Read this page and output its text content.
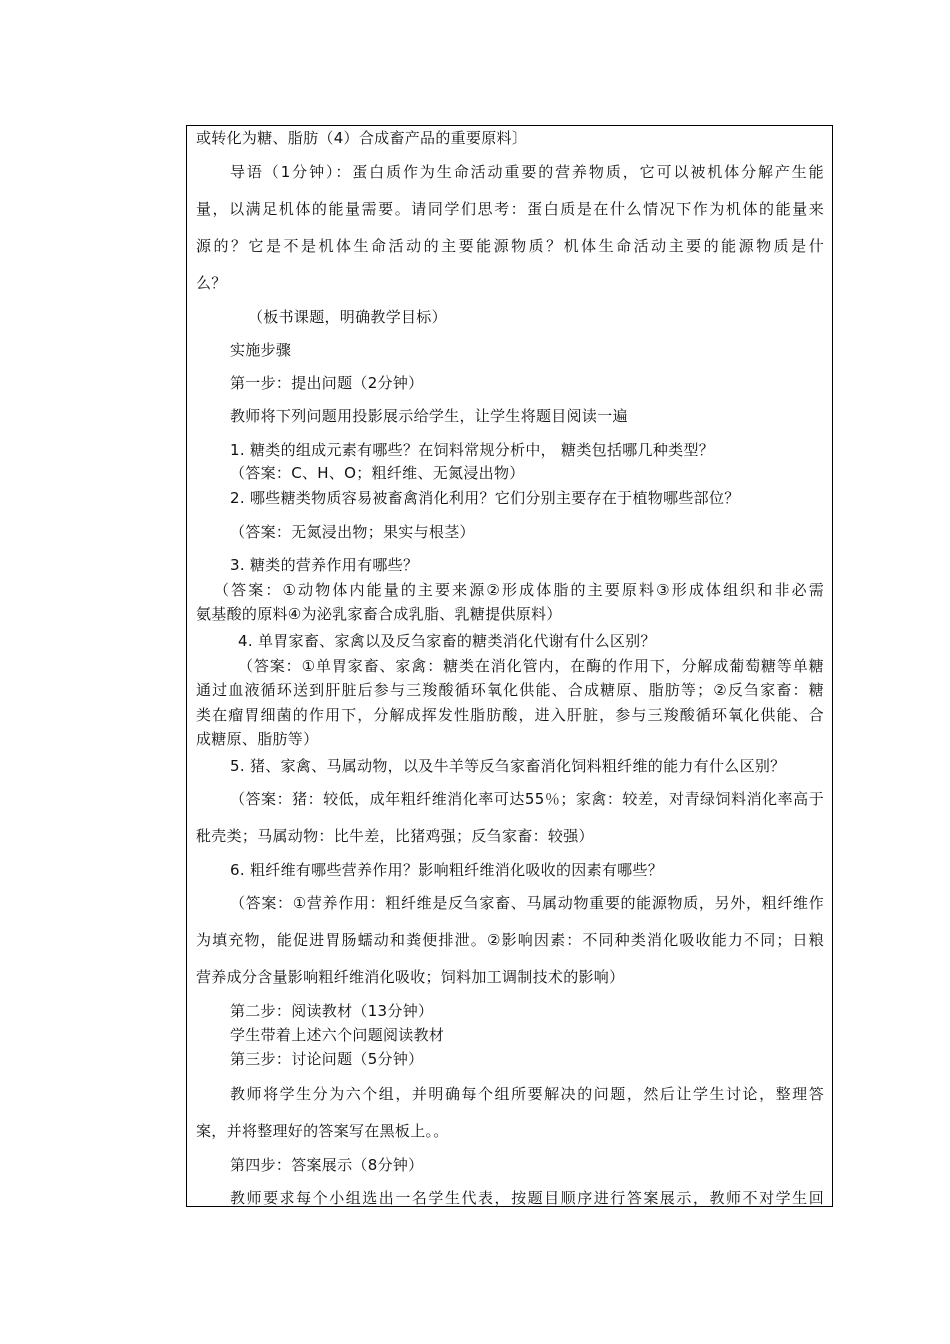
或转化为糖、脂肪（4）合成畜产品的重要原料〕
导语（1分钟）：蛋白质作为生命活动重要的营养物质，它可以被机体分解产生能
量，以满足机体的能量需要。请同学们思考：蛋白质是在什么情况下作为机体的能量来
源的？它是不是机体生命活动的主要能源物质？机体生命活动主要的能源物质是什
么？
（板书课题，明确教学目标）
实施步骤
第一步：提出问题（2分钟）
教师将下列问题用投影展示给学生，让学生将题目阅读一遍
1. 糖类的组成元素有哪些？在饲料常规分析中， 糖类包括哪几种类型？
（答案：C、H、O；粗纤维、无氮浸出物）
2. 哪些糖类物质容易被畜禽消化利用？它们分别主要存在于植物哪些部位？
（答案：无氮浸出物；果实与根茎）
3. 糖类的营养作用有哪些？
（答案：①动物体内能量的主要来源②形成体脂的主要原料③形成体组织和非必需
氨基酸的原料④为泌乳家畜合成乳脂、乳糖提供原料）
4. 单胃家畜、家禽以及反刍家畜的糖类消化代谢有什么区别？
（答案：①单胃家畜、家禽：糖类在消化管内，在酶的作用下，分解成葡萄糖等单糖
通过血液循环送到肝脏后参与三羧酸循环氧化供能、合成糖原、脂肪等；②反刍家畜：糖
类在瘤胃细菌的作用下，分解成挥发性脂肪酸，进入肝脏，参与三羧酸循环氧化供能、合
成糖原、脂肪等）
5. 猪、家禽、马属动物，以及牛羊等反刍家畜消化饲料粗纤维的能力有什么区别？
（答案：猪：较低，成年粗纤维消化率可达55％；家禽：较差，对青绿饲料消化率高于
秕壳类；马属动物：比牛差，比猪鸡强；反刍家畜：较强）
6. 粗纤维有哪些营养作用？影响粗纤维消化吸收的因素有哪些？
（答案：①营养作用：粗纤维是反刍家畜、马属动物重要的能源物质，另外，粗纤维作
为填充物，能促进胃肠蠕动和粪便排泄。②影响因素：不同种类消化吸收能力不同；日粮
营养成分含量影响粗纤维消化吸收；饲料加工调制技术的影响）
第二步：阅读教材（13分钟）
学生带着上述六个问题阅读教材
第三步：讨论问题（5分钟）
教师将学生分为六个组，并明确每个组所要解决的问题，然后让学生讨论，整理答
案，并将整理好的答案写在黑板上。。
第四步：答案展示（8分钟）
教师要求每个小组选出一名学生代表，按题目顺序进行答案展示，教师不对学生回
